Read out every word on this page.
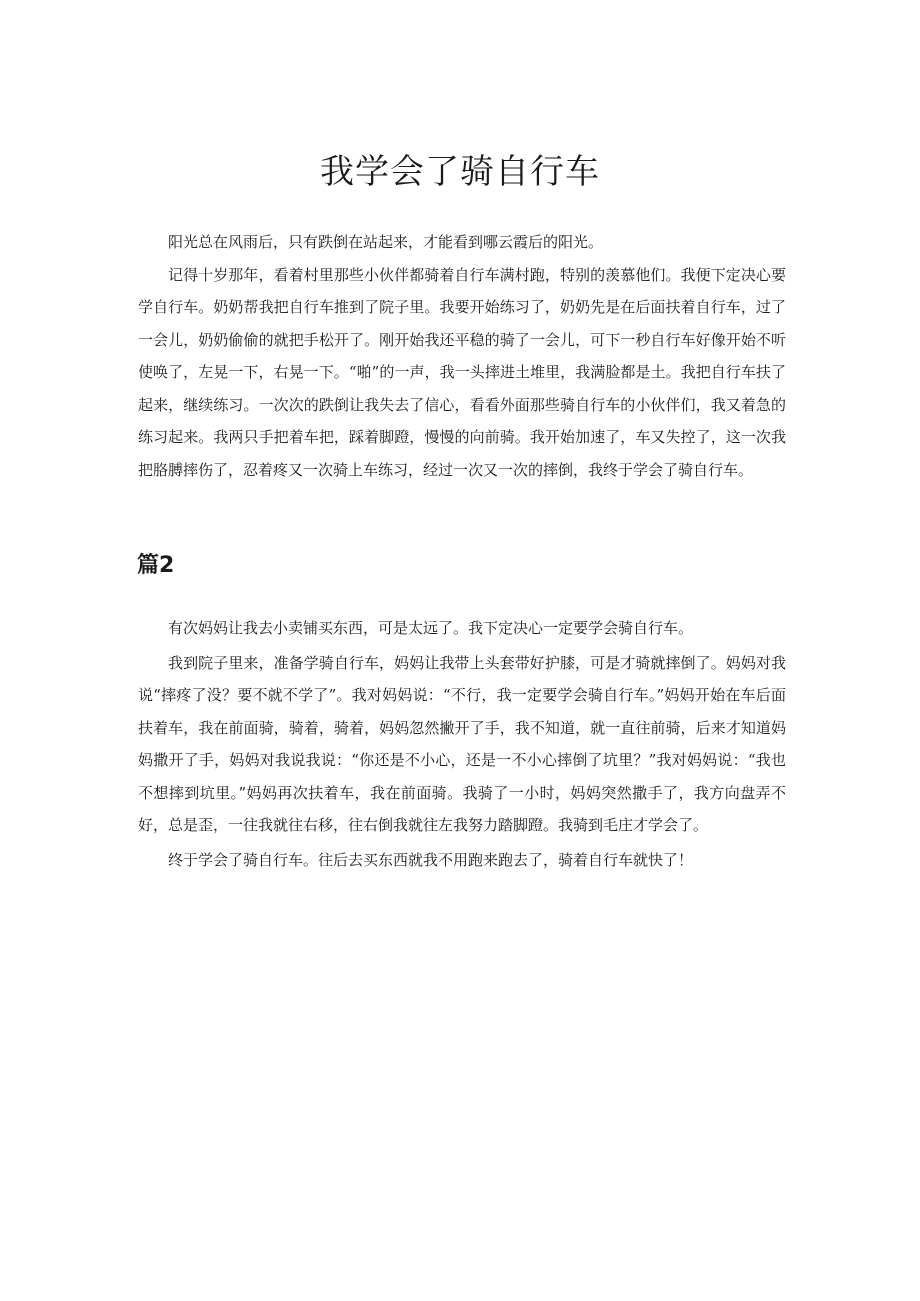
我学会了骑自行车

阳光总在风雨后，只有跌倒在站起来，才能看到哪云霞后的阳光。

记得十岁那年，看着村里那些小伙伴都骑着自行车满村跑，特别的羡慕他们。我便下定决心要学自行车。奶奶帮我把自行车推到了院子里。我要开始练习了，奶奶先是在后面扶着自行车，过了一会儿，奶奶偷偷的就把手松开了。刚开始我还平稳的骑了一会儿，可下一秒自行车好像开始不听使唤了，左晃一下，右晃一下。“啪”的一声，我一头摔进土堆里，我满脸都是土。我把自行车扶了起来，继续练习。一次次的跌倒让我失去了信心，看看外面那些骑自行车的小伙伴们，我又着急的练习起来。我两只手把着车把，踩着脚蹬，慢慢的向前骑。我开始加速了，车又失控了，这一次我把胳膊摔伤了，忍着疼又一次骑上车练习，经过一次又一次的摔倒，我终于学会了骑自行车。

篇2

有次妈妈让我去小卖铺买东西，可是太远了。我下定决心一定要学会骑自行车。

我到院子里来，准备学骑自行车，妈妈让我带上头套带好护膝，可是才骑就摔倒了。妈妈对我说“摔疼了没？要不就不学了”。我对妈妈说：“不行，我一定要学会骑自行车。”妈妈开始在车后面扶着车，我在前面骑，骑着，骑着，妈妈忽然撇开了手，我不知道，就一直往前骑，后来才知道妈妈撒开了手，妈妈对我说我说：“你还是不小心，还是一不小心摔倒了坑里？”我对妈妈说：“我也不想摔到坑里。”妈妈再次扶着车，我在前面骑。我骑了一小时，妈妈突然撒手了，我方向盘弄不好，总是歪，一往我就往右移，往右倒我就往左我努力踏脚蹬。我骑到毛庄才学会了。

终于学会了骑自行车。往后去买东西就我不用跑来跑去了，骑着自行车就快了！
